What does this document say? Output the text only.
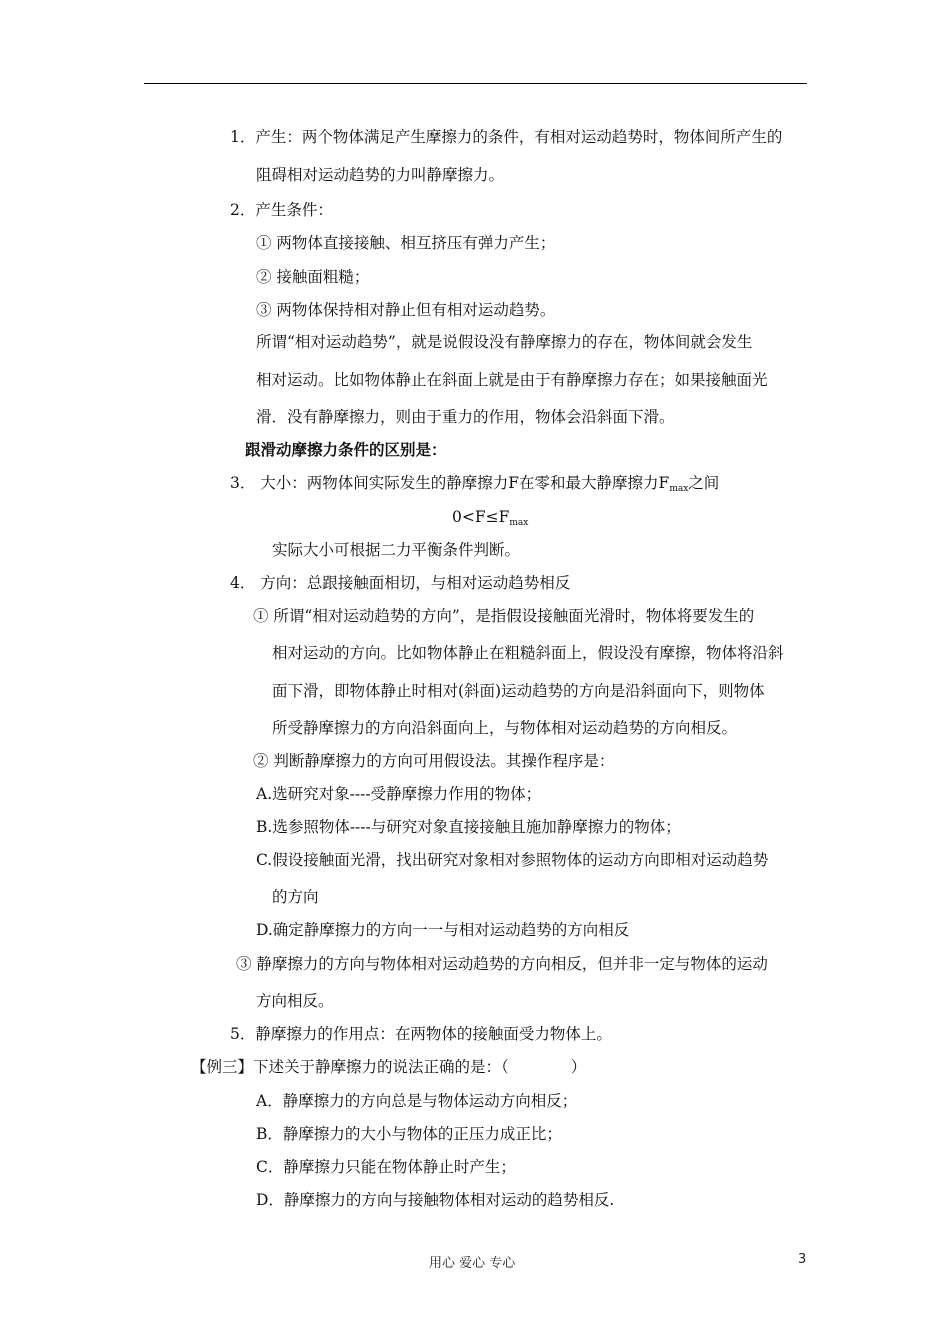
1．产生：两个物体满足产生摩擦力的条件，有相对运动趋势时，物体间所产生的
阻碍相对运动趋势的力叫静摩擦力。
2．产生条件：
① 两物体直接接触、相互挤压有弹力产生；
② 接触面粗糙；
③ 两物体保持相对静止但有相对运动趋势。
所谓“相对运动趋势”，就是说假设没有静摩擦力的存在，物体间就会发生
相对运动。比如物体静止在斜面上就是由于有静摩擦力存在；如果接触面光
滑．没有静摩擦力，则由于重力的作用，物体会沿斜面下滑。
跟滑动摩擦力条件的区别是：
3． 大小：两物体间实际发生的静摩擦力F在零和最大静摩擦力$F_{max}$之间
$0<F\le F_{max}$
实际大小可根据二力平衡条件判断。
4． 方向：总跟接触面相切，与相对运动趋势相反
① 所谓“相对运动趋势的方向”，是指假设接触面光滑时，物体将要发生的
相对运动的方向。比如物体静止在粗糙斜面上，假设没有摩擦，物体将沿斜
面下滑，即物体静止时相对(斜面)运动趋势的方向是沿斜面向下，则物体
所受静摩擦力的方向沿斜面向上，与物体相对运动趋势的方向相反。
② 判断静摩擦力的方向可用假设法。其操作程序是：
A.选研究对象----受静摩擦力作用的物体；
B.选参照物体----与研究对象直接接触且施加静摩擦力的物体；
C.假设接触面光滑，找出研究对象相对参照物体的运动方向即相对运动趋势
的方向
D.确定静摩擦力的方向一一与相对运动趋势的方向相反
③ 静摩擦力的方向与物体相对运动趋势的方向相反，但并非一定与物体的运动
方向相反。
5．静摩擦力的作用点：在两物体的接触面受力物体上。
【例三】下述关于静摩擦力的说法正确的是：（　　　　）
A．静摩擦力的方向总是与物体运动方向相反；
B．静摩擦力的大小与物体的正压力成正比；
C．静摩擦力只能在物体静止时产生；
D．静摩擦力的方向与接触物体相对运动的趋势相反.
用心 爱心 专心	3
